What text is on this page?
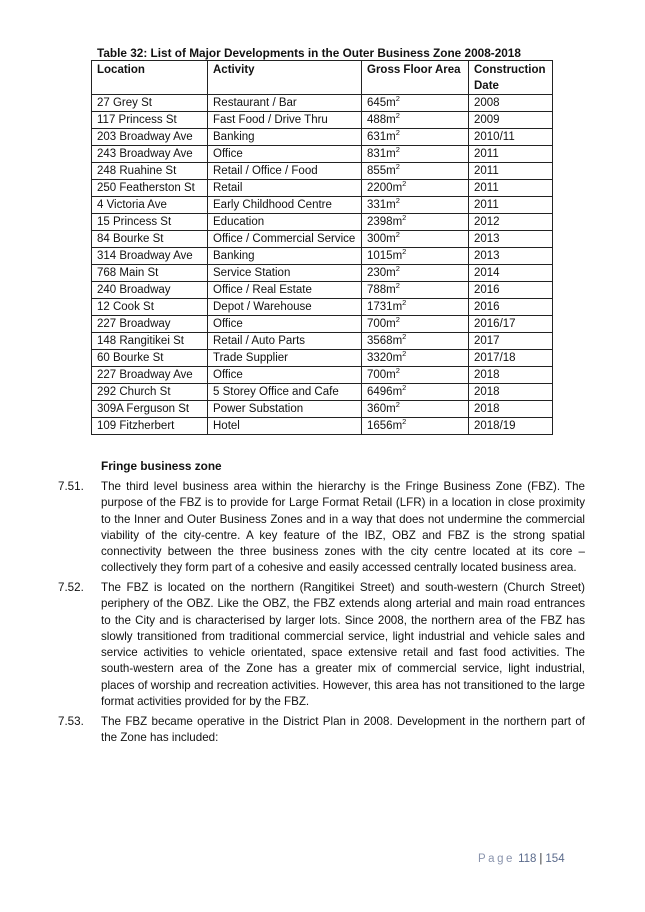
Table 32: List of Major Developments in the Outer Business Zone 2008-2018
Location	Activity	Gross Floor Area	Construction Date
27 Grey St	Restaurant / Bar	$645m^2$	2008
117 Princess St	Fast Food / Drive Thru	$488m^2$	2009
203 Broadway Ave	Banking	$631m^2$	2010/11
243 Broadway Ave	Office	$831m^2$	2011
248 Ruahine St	Retail / Office / Food	$855m^2$	2011
250 Featherston St	Retail	$2200m^2$	2011
4 Victoria Ave	Early Childhood Centre	$331m^2$	2011
15 Princess St	Education	$2398m^2$	2012
84 Bourke St	Office / Commercial Service	$300m^2$	2013
314 Broadway Ave	Banking	$1015m^2$	2013
768 Main St	Service Station	$230m^2$	2014
240 Broadway	Office / Real Estate	$788m^2$	2016
12 Cook St	Depot / Warehouse	$1731m^2$	2016
227 Broadway	Office	$700m^2$	2016/17
148 Rangitikei St	Retail / Auto Parts	$3568m^2$	2017
60 Bourke St	Trade Supplier	$3320m^2$	2017/18
227 Broadway Ave	Office	$700m^2$	2018
292 Church St	5 Storey Office and Cafe	$6496m^2$	2018
309A Ferguson St	Power Substation	$360m^2$	2018
109 Fitzherbert	Hotel	$1656m^2$	2018/19
Fringe business zone
7.51.	The third level business area within the hierarchy is the Fringe Business Zone (FBZ). The purpose of the FBZ is to provide for Large Format Retail (LFR) in a location in close proximity to the Inner and Outer Business Zones and in a way that does not undermine the commercial viability of the city-centre. A key feature of the IBZ, OBZ and FBZ is the strong spatial connectivity between the three business zones with the city centre located at its core – collectively they form part of a cohesive and easily accessed centrally located business area.
7.52.	The FBZ is located on the northern (Rangitikei Street) and south-western (Church Street) periphery of the OBZ. Like the OBZ, the FBZ extends along arterial and main road entrances to the City and is characterised by larger lots. Since 2008, the northern area of the FBZ has slowly transitioned from traditional commercial service, light industrial and vehicle sales and service activities to vehicle orientated, space extensive retail and fast food activities. The south-western area of the Zone has a greater mix of commercial service, light industrial, places of worship and recreation activities. However, this area has not transitioned to the large format activities provided for by the FBZ.
7.53.	The FBZ became operative in the District Plan in 2008. Development in the northern part of the Zone has included:
Page 118 | 154
